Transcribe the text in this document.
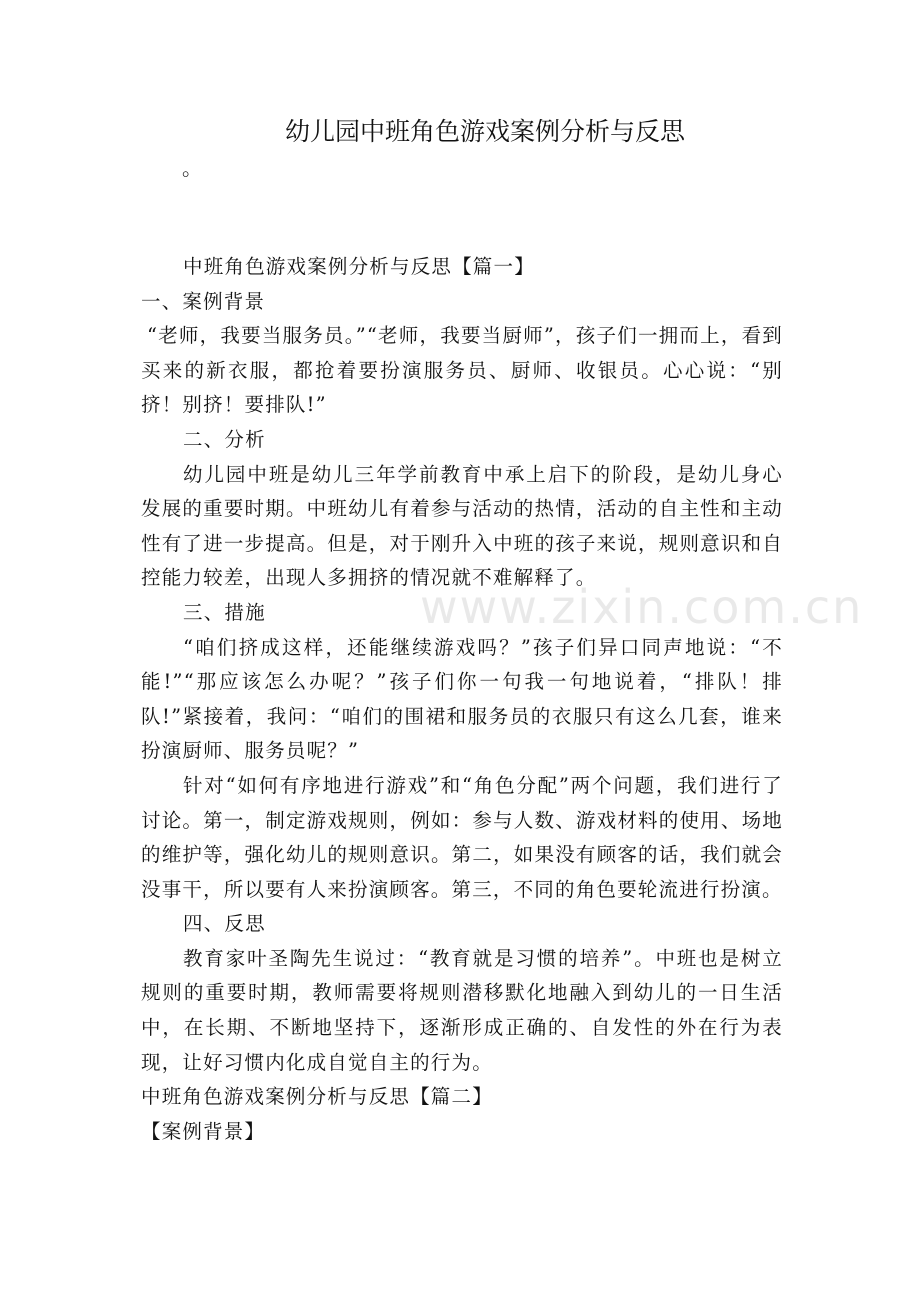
www.zixin.com.cn
幼儿园中班角色游戏案例分析与反思
。

中班角色游戏案例分析与反思【篇一】

一、案例背景

“老师，我要当服务员。”“老师，我要当厨师”，孩子们一拥而上，看到买来的新衣服，都抢着要扮演服务员、厨师、收银员。心心说：“别挤！别挤！要排队!”

二、分析

幼儿园中班是幼儿三年学前教育中承上启下的阶段，是幼儿身心发展的重要时期。中班幼儿有着参与活动的热情，活动的自主性和主动性有了进一步提高。但是，对于刚升入中班的孩子来说，规则意识和自控能力较差，出现人多拥挤的情况就不难解释了。

三、措施

“咱们挤成这样，还能继续游戏吗？”孩子们异口同声地说：“不能!”“那应该怎么办呢？”孩子们你一句我一句地说着，“排队！排队!”紧接着，我问：“咱们的围裙和服务员的衣服只有这么几套，谁来扮演厨师、服务员呢？”

针对“如何有序地进行游戏”和“角色分配”两个问题，我们进行了讨论。第一，制定游戏规则，例如：参与人数、游戏材料的使用、场地的维护等，强化幼儿的规则意识。第二，如果没有顾客的话，我们就会没事干，所以要有人来扮演顾客。第三，不同的角色要轮流进行扮演。

四、反思

教育家叶圣陶先生说过：“教育就是习惯的培养”。中班也是树立规则的重要时期，教师需要将规则潜移默化地融入到幼儿的一日生活中，在长期、不断地坚持下，逐渐形成正确的、自发性的外在行为表现，让好习惯内化成自觉自主的行为。

中班角色游戏案例分析与反思【篇二】

【案例背景】
